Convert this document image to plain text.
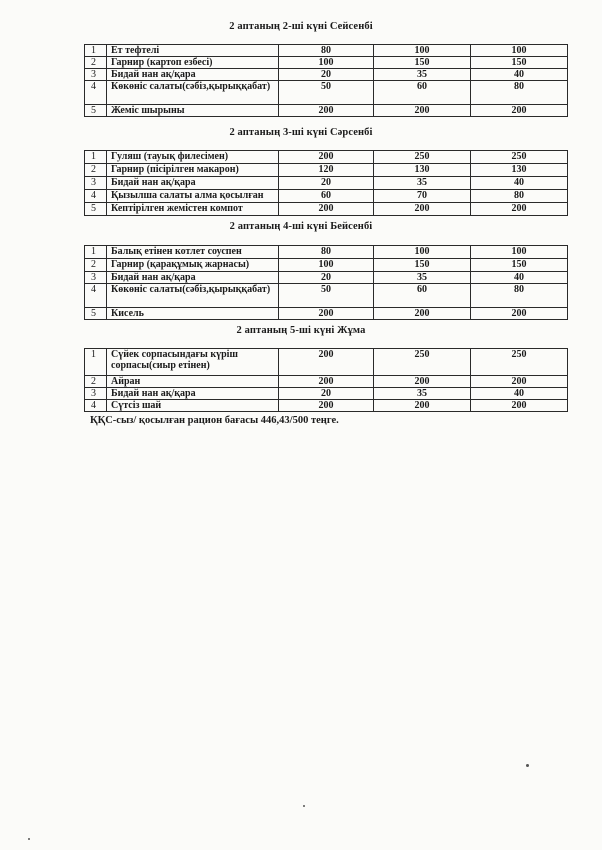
2 аптаның 2-ші күні Сейсенбі
1	Ет тефтелі	80	100	100
2	Гарнир (картоп езбесі)	100	150	150
3	Бидай нан ақ/қара	20	35	40
4	Көкөніс салаты(сәбіз,қырыққабат)	50	60	80
5	Жеміс шырыны	200	200	200
2 аптаның 3-ші күні Сәрсенбі
1	Гуляш (тауық филесімен)	200	250	250
2	Гарнир (пісірілген макарон)	120	130	130
3	Бидай нан ақ/қара	20	35	40
4	Қызылша салаты алма қосылған	60	70	80
5	Кептірілген жемістен компот	200	200	200
2 аптаның 4-ші күні Бейсенбі
1	Балық етінен котлет соуспен	80	100	100
2	Гарнир (қарақұмық жарнасы)	100	150	150
3	Бидай нан ақ/қара	20	35	40
4	Көкөніс салаты(сәбіз,қырыққабат)	50	60	80
5	Кисель	200	200	200
2 аптаның 5-ші күні Жұма
1	Сүйек сорпасындағы күріш сорпасы(сиыр етінен)	200	250	250
2	Айран	200	200	200
3	Бидай нан ақ/қара	20	35	40
4	Сүтсіз шай	200	200	200
ҚҚС-сыз/ қосылған рацион бағасы 446,43/500 теңге.
